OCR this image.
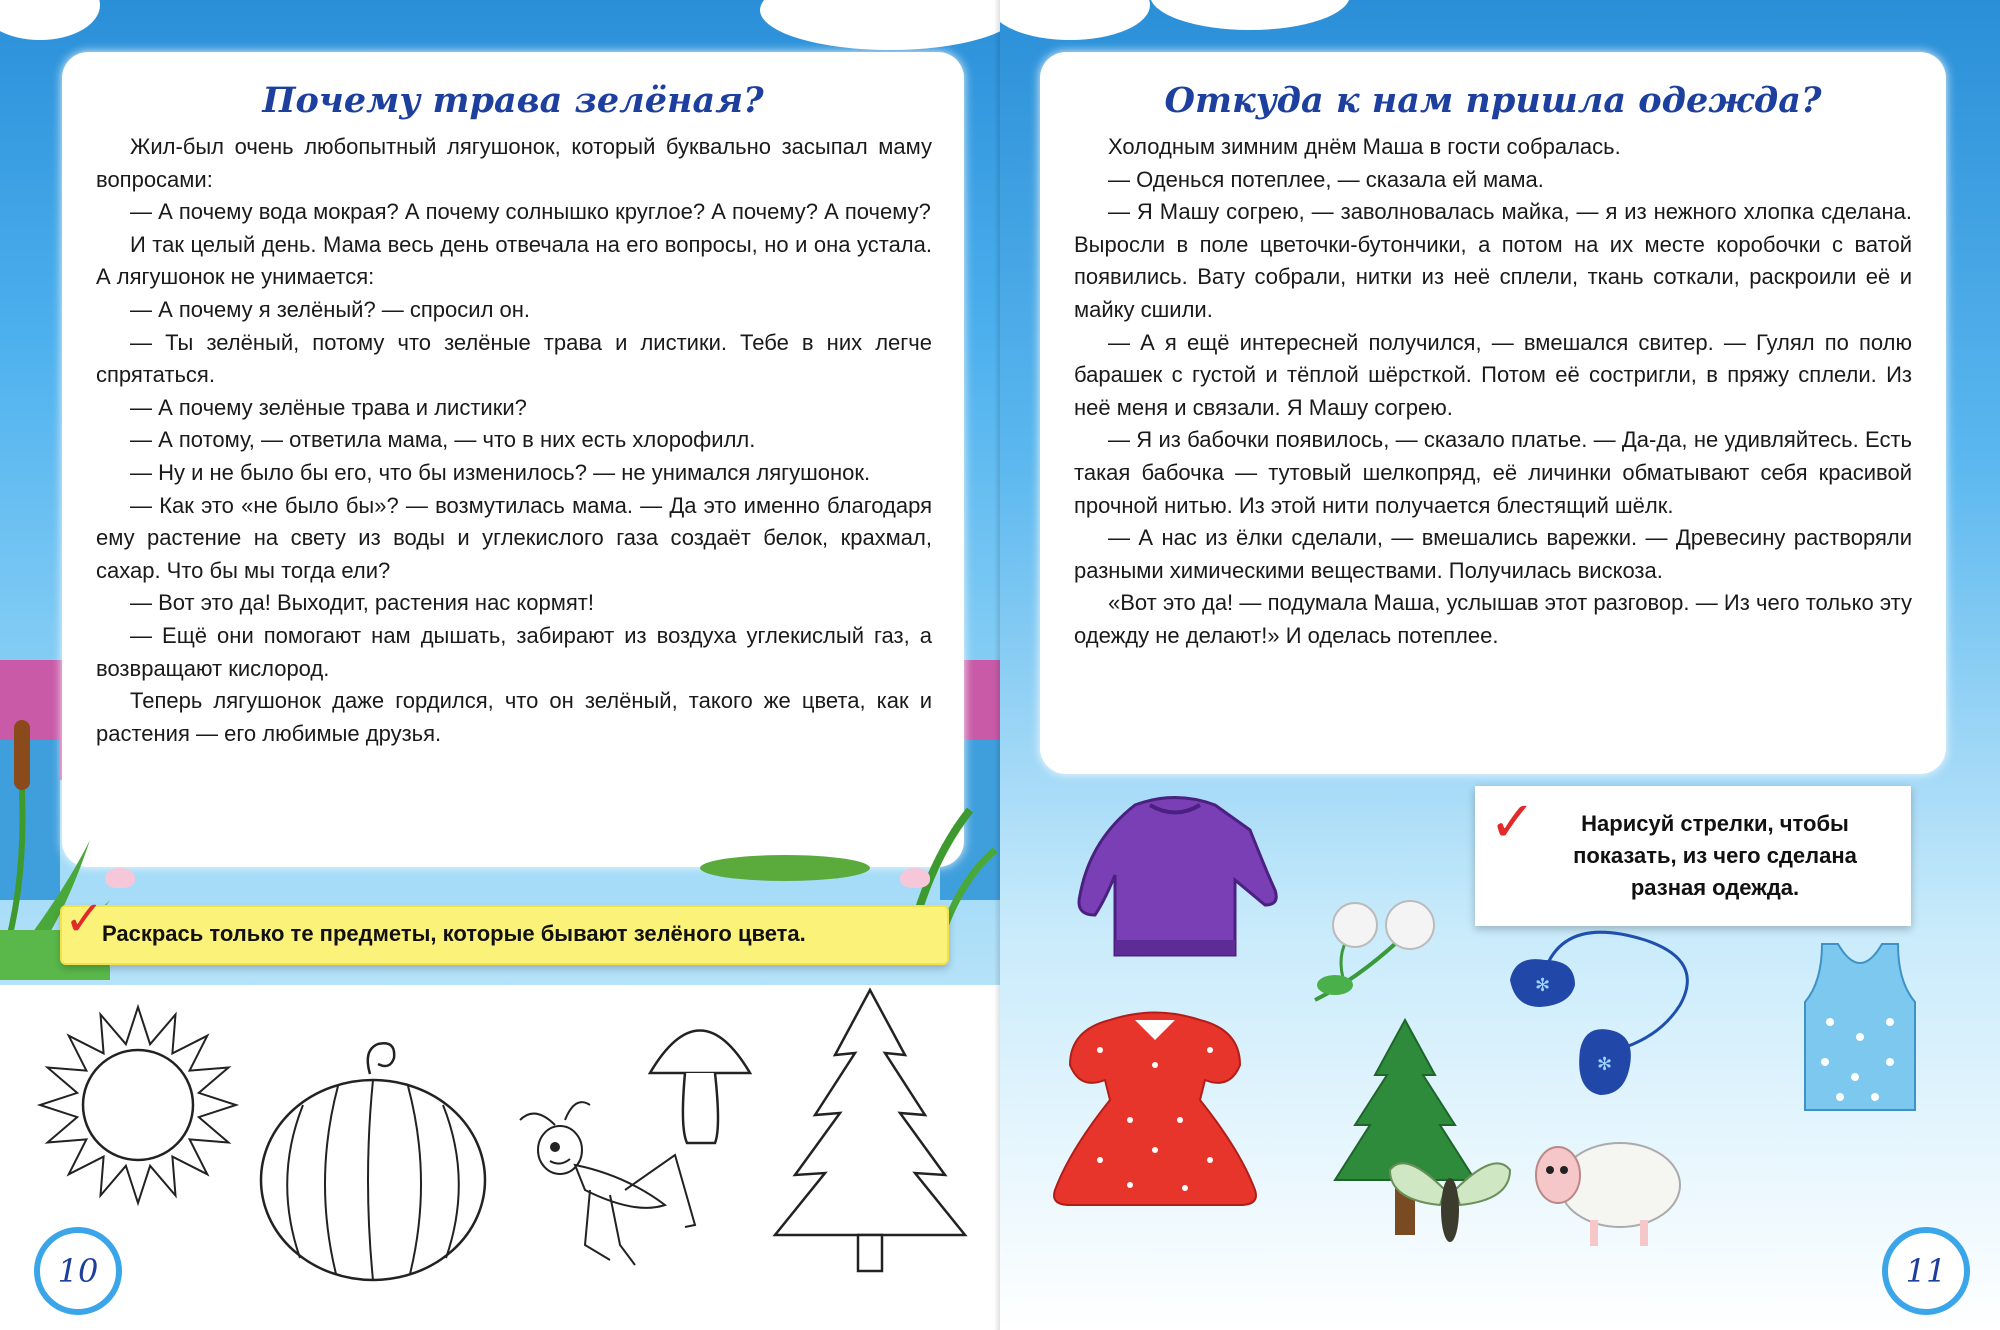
Почему трава зелёная?

Жил-был очень любопытный лягушонок, который буквально засыпал маму вопросами:

— А почему вода мокрая? А почему солнышко круглое? А почему? А почему?

И так целый день. Мама весь день отвечала на его вопросы, но и она устала. А лягушонок не унимается:

— А почему я зелёный? — спросил он.

— Ты зелёный, потому что зелёные трава и листики. Тебе в них легче спрятаться.

— А почему зелёные трава и листики?

— А потому, — ответила мама, — что в них есть хлорофилл.

— Ну и не было бы его, что бы изменилось? — не унимался лягушонок.

— Как это «не было бы»? — возмутилась мама. — Да это именно благодаря ему растение на свету из воды и углекислого газа создаёт белок, крахмал, сахар. Что бы мы тогда ели?

— Вот это да! Выходит, растения нас кормят!

— Ещё они помогают нам дышать, забирают из воздуха углекислый газ, а возвращают кислород.

Теперь лягушонок даже гордился, что он зелёный, такого же цвета, как и растения — его любимые друзья.

✓
Раскрась только те предметы, которые бывают зелёного цвета.
10
Откуда к нам пришла одежда?

Холодным зимним днём Маша в гости собралась.

— Оденься потеплее, — сказала ей мама.

— Я Машу согрею, — заволновалась майка, — я из нежного хлопка сделана. Выросли в поле цветочки-бутончики, а потом на их месте коробочки с ватой появились. Вату собрали, нитки из неё сплели, ткань соткали, раскроили её и майку сшили.

— А я ещё интересней получился, — вмешался свитер. — Гулял по полю барашек с густой и тёплой шёрсткой. Потом её состригли, в пряжу сплели. Из неё меня и связали. Я Машу согрею.

— Я из бабочки появилось, — сказало платье. — Да-да, не удивляйтесь. Есть такая бабочка — тутовый шелкопряд, её личинки обматывают себя красивой прочной нитью. Из этой нити получается блестящий шёлк.

— А нас из ёлки сделали, — вмешались варежки. — Древесину растворяли разными химическими веществами. Получилась вискоза.

«Вот это да! — подумала Маша, услышав этот разговор. — Из чего только эту одежду не делают!» И оделась потеплее.

✓	Нарисуй стрелки, чтобы показать, из чего сделана разная одежда.
✻
✻
11
